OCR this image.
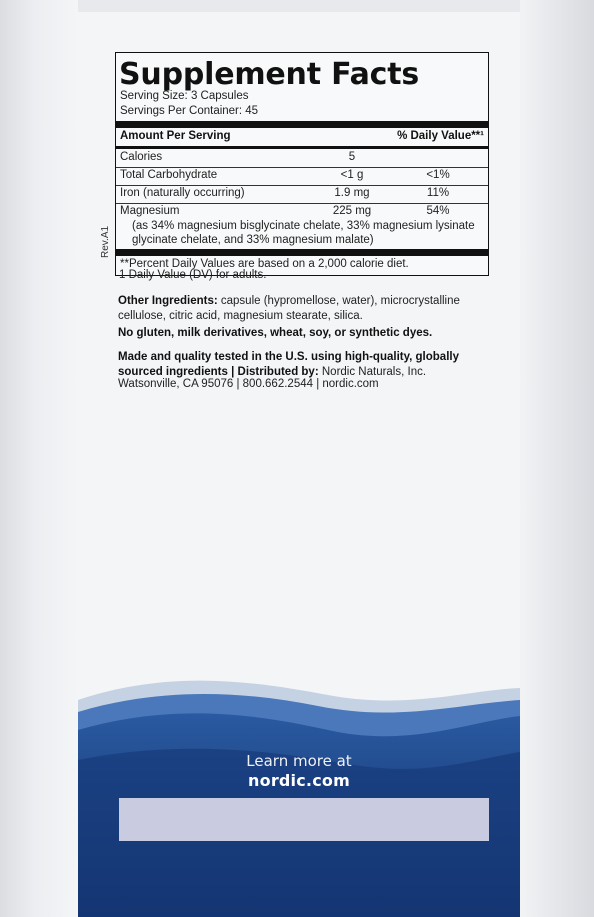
Rev.A1
Supplement Facts
Serving Size: 3 Capsules
Servings Per Container: 45
Amount Per Serving	% Daily Value**¹
Calories	5
Total Carbohydrate	<1 g	<1%
Iron (naturally occurring)	1.9 mg	11%
Magnesium	225 mg	54%
(as 34% magnesium bisglycinate chelate, 33% magnesium lysinate glycinate chelate, and 33% magnesium malate)
**Percent Daily Values are based on a 2,000 calorie diet.
1 Daily Value (DV) for adults.
Other Ingredients: capsule (hypromellose, water), microcrystalline cellulose, citric acid, magnesium stearate, silica.
No gluten, milk derivatives, wheat, soy, or synthetic dyes.
Made and quality tested in the U.S. using high-quality, globally sourced ingredients | Distributed by: Nordic Naturals, Inc.
Watsonville, CA 95076 | 800.662.2544 | nordic.com
Learn more at
nordic.com
